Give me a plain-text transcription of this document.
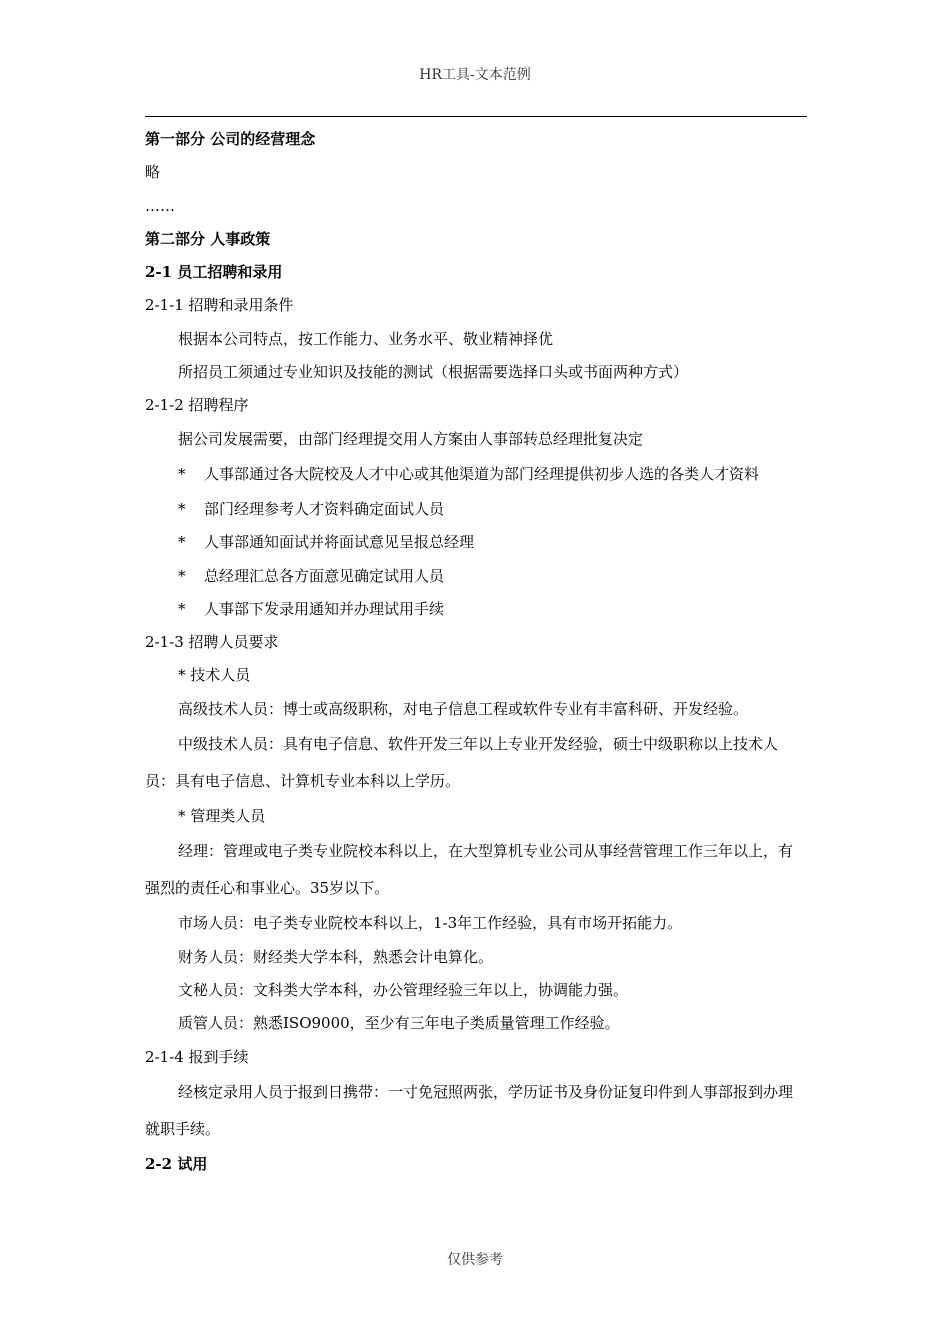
HR工具-文本范例
第一部分 公司的经营理念
略
……
第二部分 人事政策
2-1 员工招聘和录用
2-1-1 招聘和录用条件
根据本公司特点，按工作能力、业务水平、敬业精神择优
所招员工须通过专业知识及技能的测试（根据需要选择口头或书面两种方式）
2-1-2 招聘程序
据公司发展需要，由部门经理提交用人方案由人事部转总经理批复决定
* 人事部通过各大院校及人才中心或其他渠道为部门经理提供初步人选的各类人才资料
* 部门经理参考人才资料确定面试人员
* 人事部通知面试并将面试意见呈报总经理
* 总经理汇总各方面意见确定试用人员
* 人事部下发录用通知并办理试用手续
2-1-3 招聘人员要求
* 技术人员
高级技术人员：博士或高级职称，对电子信息工程或软件专业有丰富科研、开发经验。
中级技术人员：具有电子信息、软件开发三年以上专业开发经验，硕士中级职称以上技术人员：具有电子信息、计算机专业本科以上学历。
* 管理类人员
经理：管理或电子类专业院校本科以上，在大型算机专业公司从事经营管理工作三年以上，有强烈的责任心和事业心。35岁以下。
市场人员：电子类专业院校本科以上，1-3年工作经验，具有市场开拓能力。
财务人员：财经类大学本科，熟悉会计电算化。
文秘人员：文科类大学本科，办公管理经验三年以上，协调能力强。
质管人员：熟悉ISO9000，至少有三年电子类质量管理工作经验。
2-1-4 报到手续
经核定录用人员于报到日携带：一寸免冠照两张，学历证书及身份证复印件到人事部报到办理就职手续。
2-2 试用
仅供参考
